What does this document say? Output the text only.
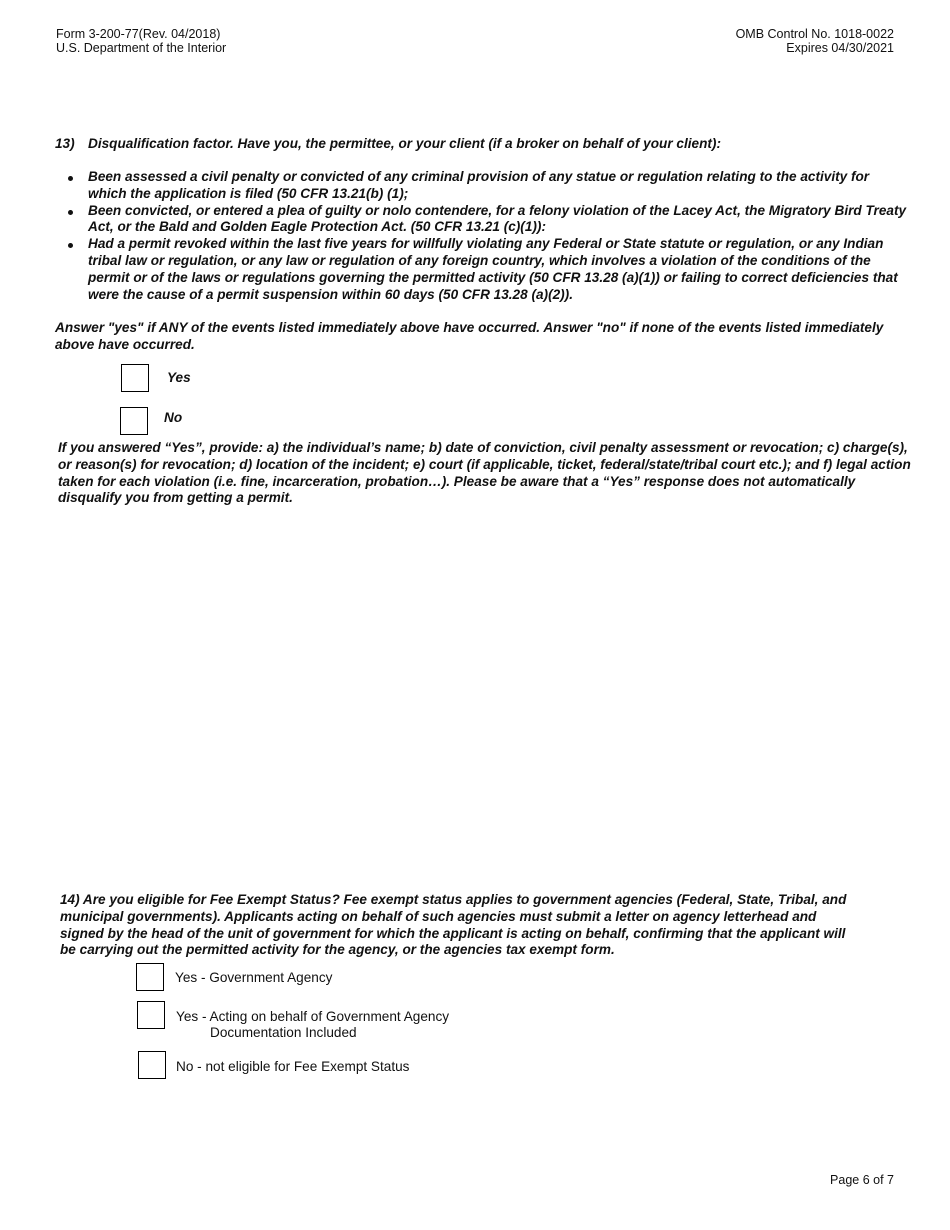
Form 3-200-77(Rev. 04/2018)
U.S. Department of the Interior
OMB Control No. 1018-0022
Expires 04/30/2021
13) Disqualification factor. Have you, the permittee, or your client (if a broker on behalf of your client):
Been assessed a civil penalty or convicted of any criminal provision of any statue or regulation relating to the activity for which the application is filed (50 CFR 13.21(b) (1);
Been convicted, or entered a plea of guilty or nolo contendere, for a felony violation of the Lacey Act, the Migratory Bird Treaty Act, or the Bald and Golden Eagle Protection Act. (50 CFR 13.21 (c)(1)):
Had a permit revoked within the last five years for willfully violating any Federal or State statute or regulation, or any Indian tribal law or regulation, or any law or regulation of any foreign country, which involves a violation of the conditions of the permit or of the laws or regulations governing the permitted activity (50 CFR 13.28 (a)(1)) or failing to correct deficiencies that were the cause of a permit suspension within 60 days (50 CFR 13.28 (a)(2)).
Answer "yes" if ANY of the events listed immediately above have occurred. Answer "no" if none of the events listed immediately above have occurred.
Yes
No
If you answered “Yes”, provide: a) the individual’s name; b) date of conviction, civil penalty assessment or revocation; c) charge(s), or reason(s) for revocation; d) location of the incident; e) court (if applicable, ticket, federal/state/tribal court etc.); and f) legal action taken for each violation (i.e. fine, incarceration, probation…). Please be aware that a “Yes” response does not automatically disqualify you from getting a permit.
14) Are you eligible for Fee Exempt Status? Fee exempt status applies to government agencies (Federal, State, Tribal, and municipal governments). Applicants acting on behalf of such agencies must submit a letter on agency letterhead and signed by the head of the unit of government for which the applicant is acting on behalf, confirming that the applicant will be carrying out the permitted activity for the agency, or the agencies tax exempt form.
Yes - Government Agency
Yes - Acting on behalf of Government Agency
Documentation Included
No - not eligible for Fee Exempt Status
Page 6 of 7
